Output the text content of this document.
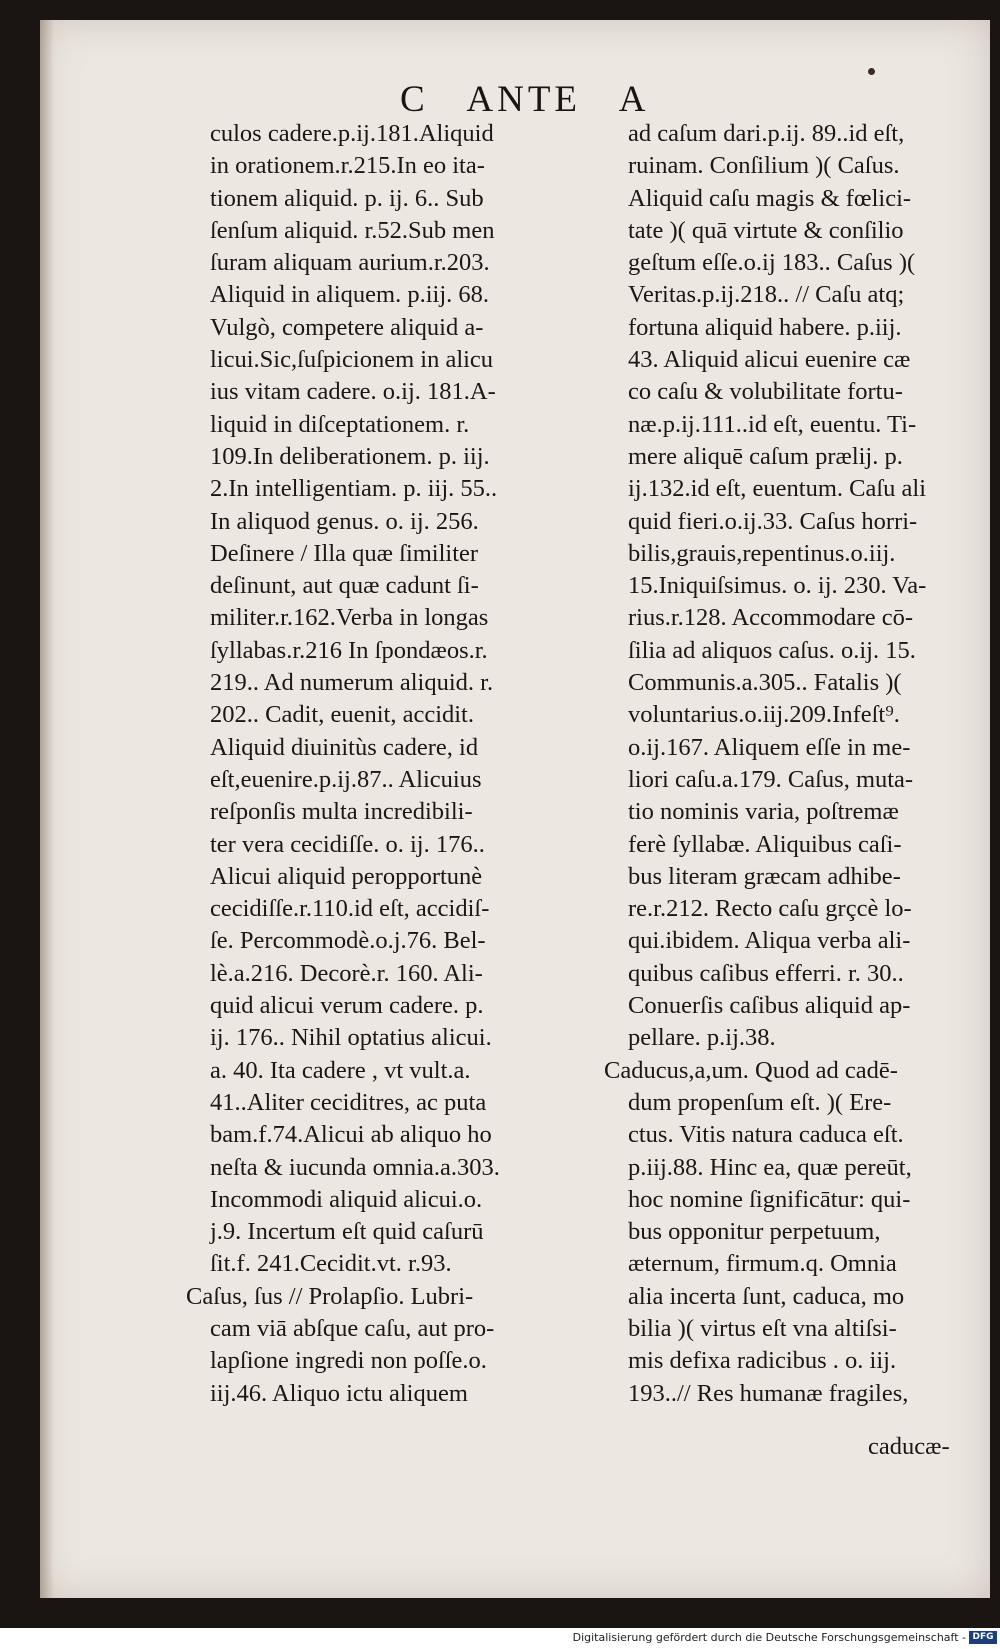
C   ANTE   A
culos cadere.p.ij.181.Aliquid
in orationem.r.215.In eo ita-
tionem aliquid. p. ij. 6.. Sub
ſenſum aliquid. r.52.Sub men
ſuram aliquam aurium.r.203.
Aliquid in aliquem. p.iij. 68.
Vulgò, competere aliquid a-
licui.Sic,ſuſpicionem in alicu
ius vitam cadere. o.ij. 181.A-
liquid in diſceptationem. r.
109.In deliberationem. p. iij.
2.In intelligentiam. p. iij. 55..
In aliquod genus. o. ij. 256.
Deſinere / Illa quæ ſimiliter
deſinunt, aut quæ cadunt ſi-
militer.r.162.Verba in longas
ſyllabas.r.216 In ſpondæos.r.
219.. Ad numerum aliquid. r.
202.. Cadit, euenit, accidit.
Aliquid diuinitùs cadere, id
eſt,euenire.p.ij.87.. Alicuius
reſponſis multa incredibili-
ter vera cecidiſſe. o. ij. 176..
Alicui aliquid peropportunè
cecidiſſe.r.110.id eſt, accidiſ-
ſe. Percommodè.o.j.76. Bel-
lè.a.216. Decorè.r. 160. Ali-
quid alicui verum cadere. p.
ij. 176.. Nihil optatius alicui.
a. 40. Ita cadere , vt vult.a.
41..Aliter ceciditres, ac puta
bam.f.74.Alicui ab aliquo ho
neſta & iucunda omnia.a.303.
Incommodi aliquid alicui.o.
j.9. Incertum eſt quid caſurū
ſit.f. 241.Cecidit.vt. r.93.
Caſus, ſus // Prolapſio. Lubri-
cam viā abſque caſu, aut pro-
lapſione ingredi non poſſe.o.
iij.46. Aliquo ictu aliquem
ad caſum dari.p.ij. 89..id eſt,
ruinam. Conſilium )( Caſus.
Aliquid caſu magis & fœlici-
tate )( quā virtute & conſilio
geſtum eſſe.o.ij 183.. Caſus )(
Veritas.p.ij.218.. // Caſu atq;
fortuna aliquid habere. p.iij.
43. Aliquid alicui euenire cæ
co caſu & volubilitate fortu-
næ.p.ij.111..id eſt, euentu. Ti-
mere aliquē caſum prælij. p.
ij.132.id eſt, euentum. Caſu ali
quid fieri.o.ij.33. Caſus horri-
bilis,grauis,repentinus.o.iij.
15.Iniquiſsimus. o. ij. 230. Va-
rius.r.128. Accommodare cō-
ſilia ad aliquos caſus. o.ij. 15.
Communis.a.305.. Fatalis )(
voluntarius.o.iij.209.Infeſt⁹.
o.ij.167. Aliquem eſſe in me-
liori caſu.a.179. Caſus, muta-
tio nominis varia, poſtremæ
ferè ſyllabæ. Aliquibus caſi-
bus literam græcam adhibe-
re.r.212. Recto caſu grçcè lo-
qui.ibidem. Aliqua verba ali-
quibus caſibus efferri. r. 30..
Conuerſis caſibus aliquid ap-
pellare. p.ij.38.
Caducus,a,um. Quod ad cadē-
dum propenſum eſt. )( Ere-
ctus. Vitis natura caduca eſt.
p.iij.88. Hinc ea, quæ pereūt,
hoc nomine ſignificātur: qui-
bus opponitur perpetuum,
æternum, firmum.q. Omnia
alia incerta ſunt, caduca, mo
bilia )( virtus eſt vna altiſsi-
mis defixa radicibus . o. iij.
193..// Res humanæ fragiles,
caducæ-
Digitalisierung gefördert durch die Deutsche Forschungsgemeinschaft - DFG
